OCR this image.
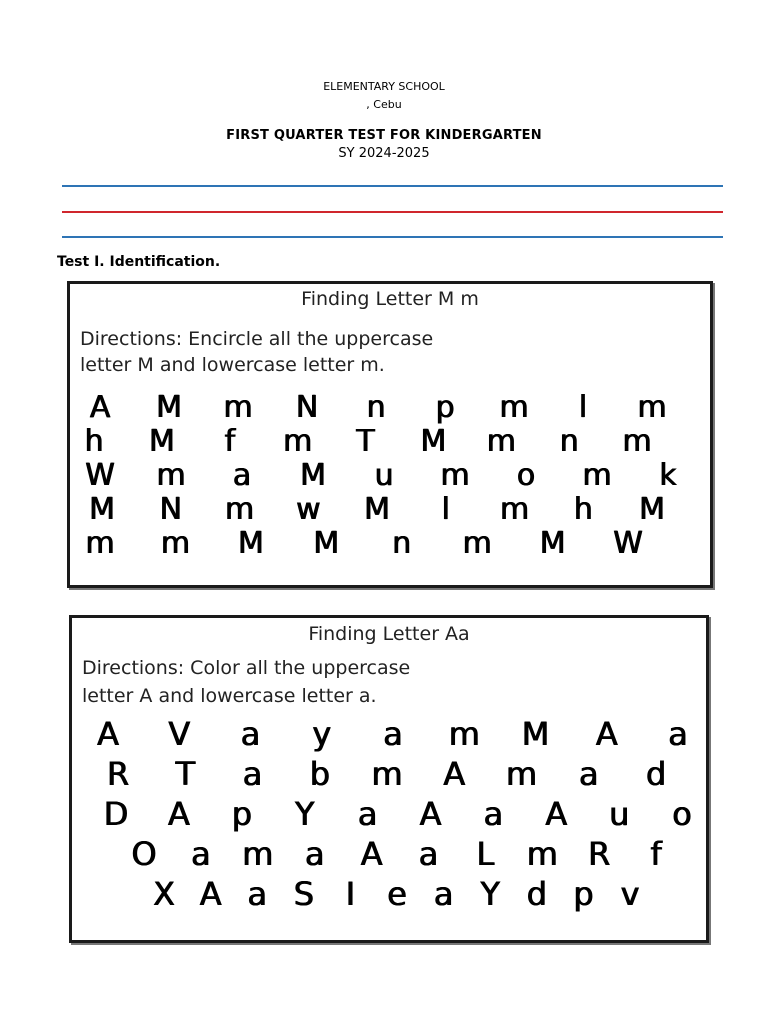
ELEMENTARY SCHOOL
, Cebu
FIRST QUARTER TEST FOR KINDERGARTEN
SY 2024-2025
Test I. Identification.
Finding Letter M m
Directions: Encircle all the uppercase
letter M and lowercase letter m.
A M m N n p m l m
h M f m T M m n m
W m a M u m o m k
M N m w M l m h M
m m M M n m M W
Finding Letter Aa
Directions: Color all the uppercase
letter A and lowercase letter a.
A V a y a m M A a
R T a b m A m a d
D A p Y a A a A u o
O a m a A a L m R f
X A a S I e a Y d p v
